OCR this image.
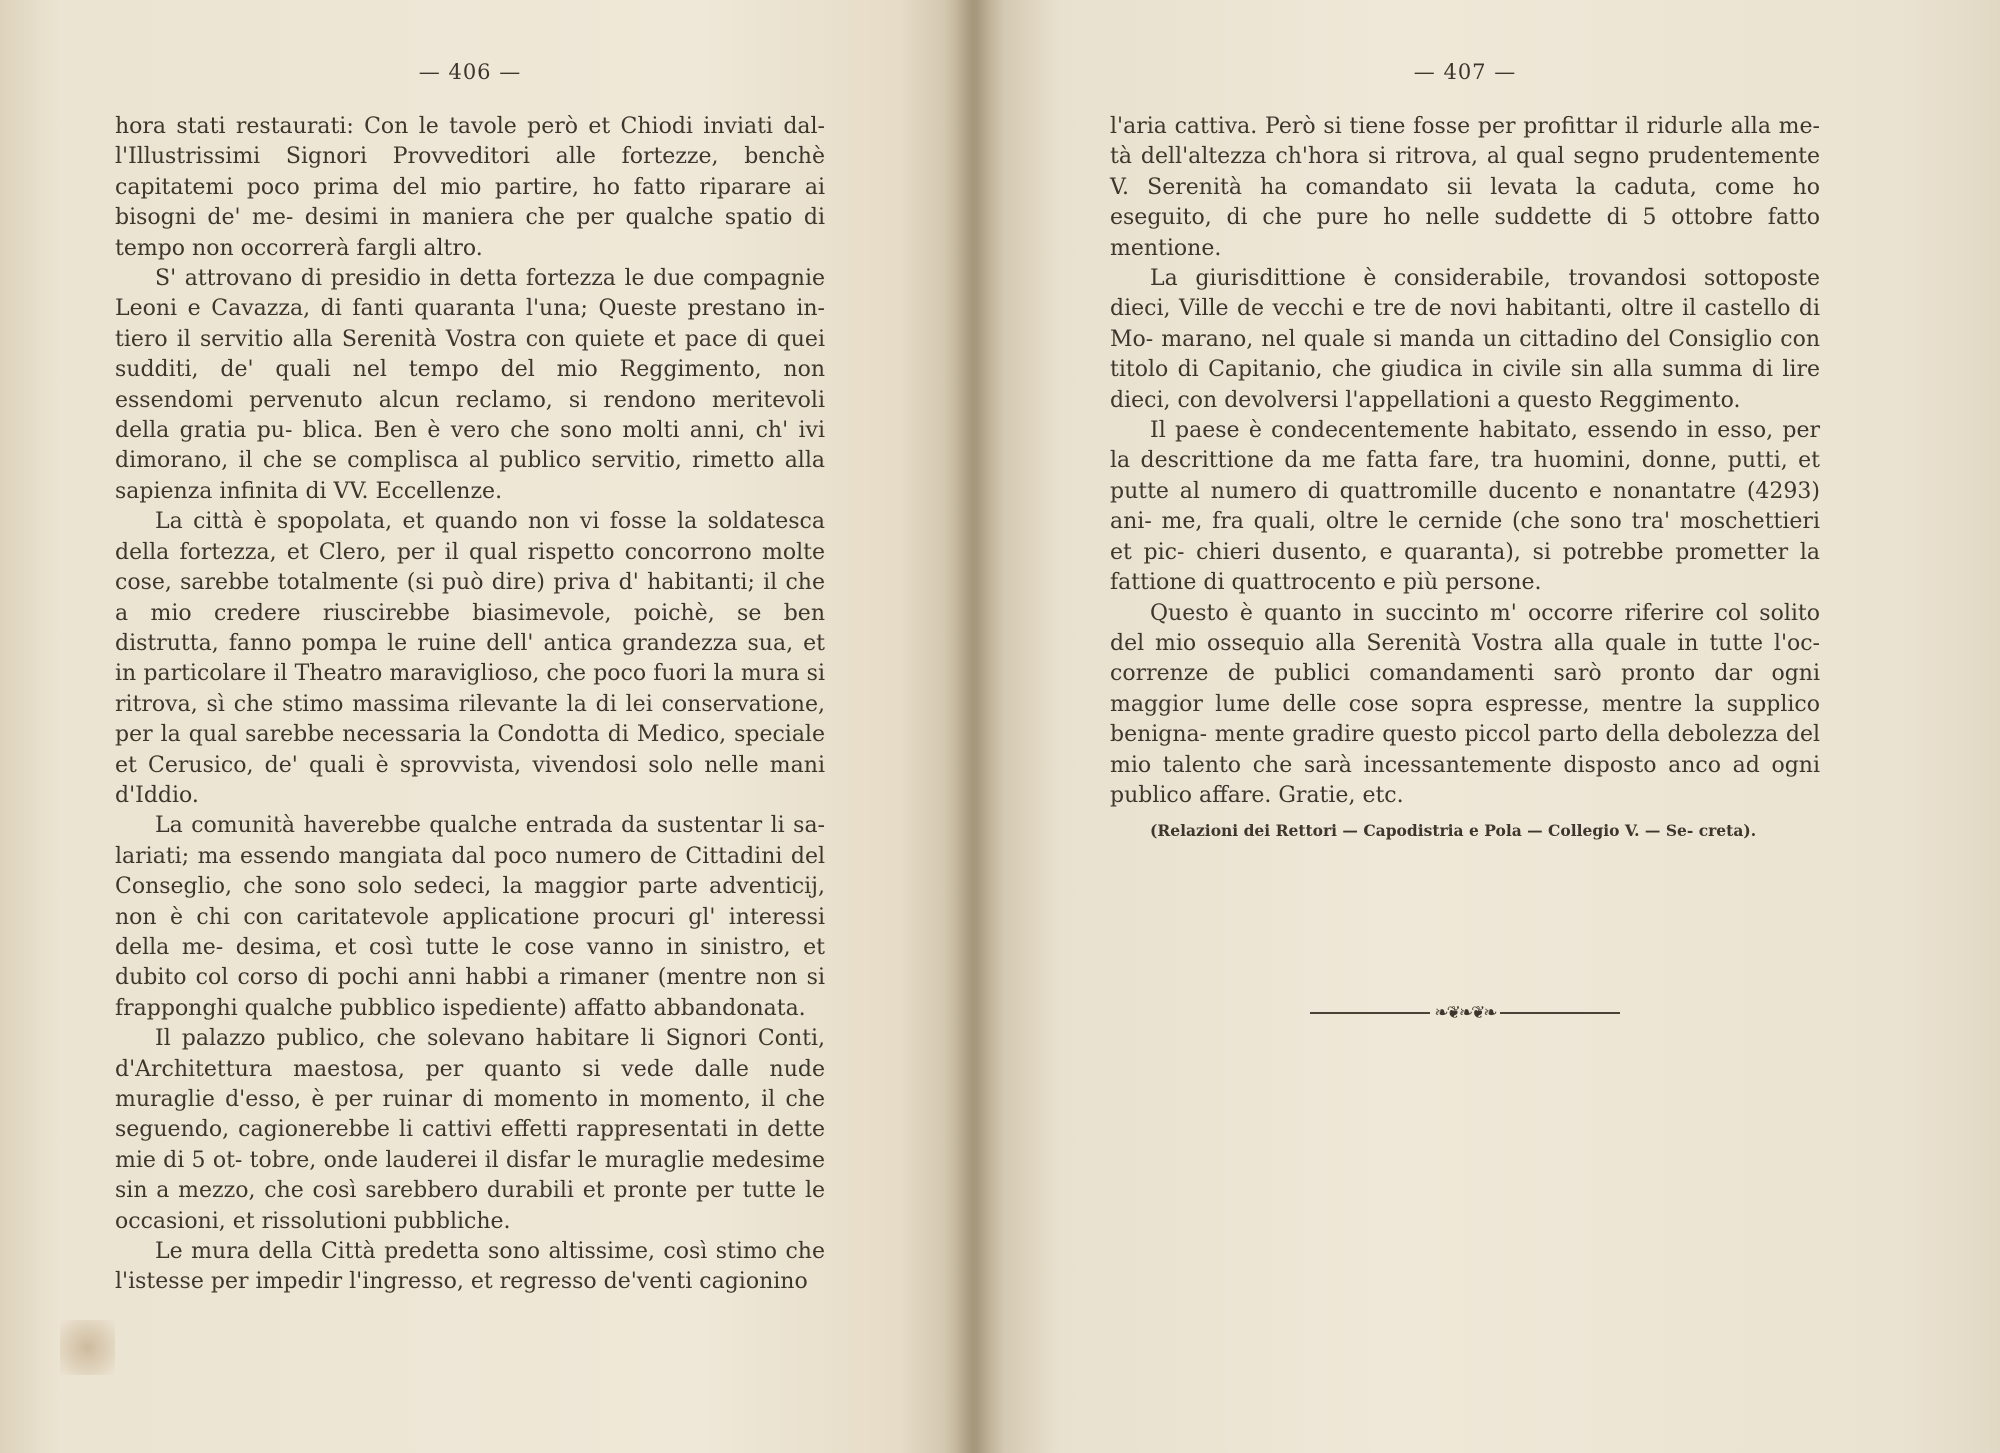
— 406 —

hora stati restaurati: Con le tavole però et Chiodi inviati dal- l'Illustrissimi Signori Provveditori alle fortezze, benchè capitatemi poco prima del mio partire, ho fatto riparare ai bisogni de' me- desimi in maniera che per qualche spatio di tempo non occorrerà fargli altro.

S' attrovano di presidio in detta fortezza le due compagnie Leoni e Cavazza, di fanti quaranta l'una; Queste prestano in- tiero il servitio alla Serenità Vostra con quiete et pace di quei sudditi, de' quali nel tempo del mio Reggimento, non essendomi pervenuto alcun reclamo, si rendono meritevoli della gratia pu- blica. Ben è vero che sono molti anni, ch' ivi dimorano, il che se complisca al publico servitio, rimetto alla sapienza infinita di VV. Eccellenze.

La città è spopolata, et quando non vi fosse la soldatesca della fortezza, et Clero, per il qual rispetto concorrono molte cose, sarebbe totalmente (si può dire) priva d' habitanti; il che a mio credere riuscirebbe biasimevole, poichè, se ben distrutta, fanno pompa le ruine dell' antica grandezza sua, et in particolare il Theatro maraviglioso, che poco fuori la mura si ritrova, sì che stimo massima rilevante la di lei conservatione, per la qual sarebbe necessaria la Condotta di Medico, speciale et Cerusico, de' quali è sprovvista, vivendosi solo nelle mani d'Iddio.

La comunità haverebbe qualche entrada da sustentar li sa- lariati; ma essendo mangiata dal poco numero de Cittadini del Conseglio, che sono solo sedeci, la maggior parte adventicij, non è chi con caritatevole applicatione procuri gl' interessi della me- desima, et così tutte le cose vanno in sinistro, et dubito col corso di pochi anni habbi a rimaner (mentre non si frapponghi qualche pubblico ispediente) affatto abbandonata.

Il palazzo publico, che solevano habitare li Signori Conti, d'Architettura maestosa, per quanto si vede dalle nude muraglie d'esso, è per ruinar di momento in momento, il che seguendo, cagionerebbe li cattivi effetti rappresentati in dette mie di 5 ot- tobre, onde lauderei il disfar le muraglie medesime sin a mezzo, che così sarebbero durabili et pronte per tutte le occasioni, et rissolutioni pubbliche.

Le mura della Città predetta sono altissime, così stimo che l'istesse per impedir l'ingresso, et regresso de'venti cagionino

— 407 —

l'aria cattiva. Però si tiene fosse per profittar il ridurle alla me- tà dell'altezza ch'hora si ritrova, al qual segno prudentemente V. Serenità ha comandato sii levata la caduta, come ho eseguito, di che pure ho nelle suddette di 5 ottobre fatto mentione.

La giurisdittione è considerabile, trovandosi sottoposte dieci, Ville de vecchi e tre de novi habitanti, oltre il castello di Mo- marano, nel quale si manda un cittadino del Consiglio con titolo di Capitanio, che giudica in civile sin alla summa di lire dieci, con devolversi l'appellationi a questo Reggimento.

Il paese è condecentemente habitato, essendo in esso, per la descrittione da me fatta fare, tra huomini, donne, putti, et putte al numero di quattromille ducento e nonantatre (4293) ani- me, fra quali, oltre le cernide (che sono tra' moschettieri et pic- chieri dusento, e quaranta), si potrebbe prometter la fattione di quattrocento e più persone.

Questo è quanto in succinto m' occorre riferire col solito del mio ossequio alla Serenità Vostra alla quale in tutte l'oc- correnze de publici comandamenti sarò pronto dar ogni maggior lume delle cose sopra espresse, mentre la supplico benigna- mente gradire questo piccol parto della debolezza del mio talento che sarà incessantemente disposto anco ad ogni publico affare. Gratie, etc.

(Relazioni dei Rettori — Capodistria e Pola — Collegio V. — Se- creta).
❧❦❧❦❧
